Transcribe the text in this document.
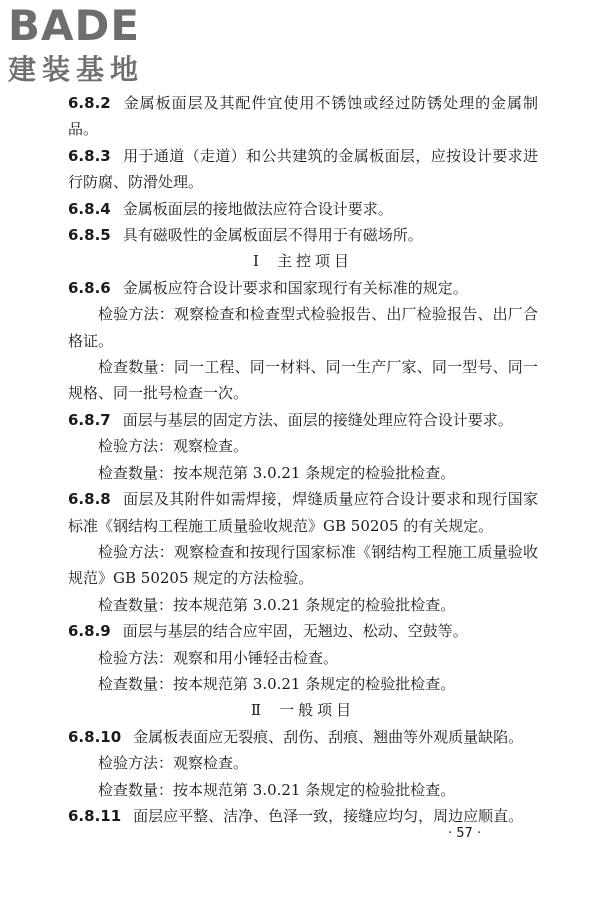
BADE
建装基地

6.8.2 金属板面层及其配件宜使用不锈蚀或经过防锈处理的金属制品。

6.8.3 用于通道（走道）和公共建筑的金属板面层，应按设计要求进行防腐、防滑处理。

6.8.4 金属板面层的接地做法应符合设计要求。

6.8.5 具有磁吸性的金属板面层不得用于有磁场所。

Ⅰ 主控项目

6.8.6 金属板应符合设计要求和国家现行有关标准的规定。

检验方法：观察检查和检查型式检验报告、出厂检验报告、出厂合格证。

检查数量：同一工程、同一材料、同一生产厂家、同一型号、同一规格、同一批号检查一次。

6.8.7 面层与基层的固定方法、面层的接缝处理应符合设计要求。

检验方法：观察检查。

检查数量：按本规范第 3.0.21 条规定的检验批检查。

6.8.8 面层及其附件如需焊接，焊缝质量应符合设计要求和现行国家标准《钢结构工程施工质量验收规范》GB 50205 的有关规定。

检验方法：观察检查和按现行国家标准《钢结构工程施工质量验收规范》GB 50205 规定的方法检验。

检查数量：按本规范第 3.0.21 条规定的检验批检查。

6.8.9 面层与基层的结合应牢固，无翘边、松动、空鼓等。

检验方法：观察和用小锤轻击检查。

检查数量：按本规范第 3.0.21 条规定的检验批检查。

Ⅱ 一般项目

6.8.10 金属板表面应无裂痕、刮伤、刮痕、翘曲等外观质量缺陷。

检验方法：观察检查。

检查数量：按本规范第 3.0.21 条规定的检验批检查。

6.8.11 面层应平整、洁净、色泽一致，接缝应均匀，周边应顺直。

· 57 ·
